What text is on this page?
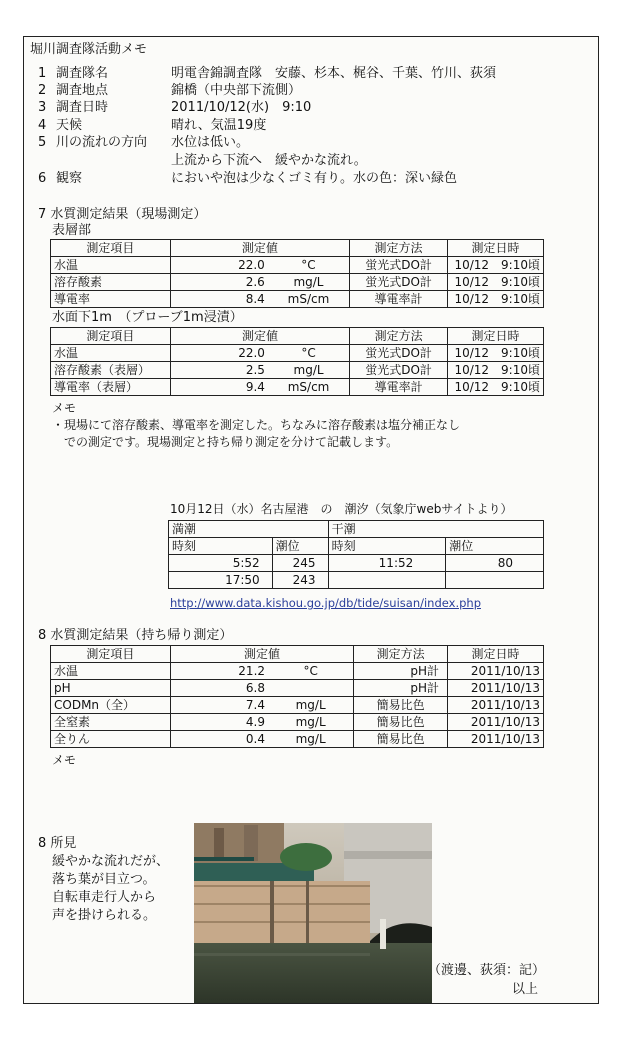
堀川調査隊活動メモ
1 調査隊名	明電舎錦調査隊　安藤、杉本、梶谷、千葉、竹川、荻須
2 調査地点	錦橋（中央部下流側）
3 調査日時	2011/10/12(水)　9:10
4 天候	晴れ、気温19度
5 川の流れの方向 水位は低い。
上流から下流へ　緩やかな流れ。
6 観察	においや泡は少なくゴミ有り。水の色：深い緑色
7 水質測定結果（現場測定）
表層部
測定項目	測定値		測定方法	測定日時
水温	22.0	°C	蛍光式DO計	10/12　9:10頃
溶存酸素	2.6	mg/L	蛍光式DO計	10/12　9:10頃
導電率	8.4	mS/cm	導電率計	10/12　9:10頃
水面下1m　（プローブ1m浸漬）
測定項目	測定値		測定方法	測定日時
水温	22.0	°C	蛍光式DO計	10/12　9:10頃
溶存酸素（表層）	2.5	mg/L	蛍光式DO計	10/12　9:10頃
導電率（表層）	9.4	mS/cm	導電率計	10/12　9:10頃
メモ
・現場にて溶存酸素、導電率を測定した。ちなみに溶存酸素は塩分補正なし
での測定です。現場測定と持ち帰り測定を分けて記載します。
10月12日（水）名古屋港　の　潮汐（気象庁webサイトより）
満潮		干潮	
時刻	潮位	時刻	潮位
5:52	245	11:52	80
17:50	243		
http://www.data.kishou.go.jp/db/tide/suisan/index.php
8 水質測定結果（持ち帰り測定）
測定項目	測定値		測定方法	測定日時
水温	21.2	°C	pH計	2011/10/13
pH	6.8		pH計	2011/10/13
CODMn（全）	7.4	mg/L	簡易比色	2011/10/13
全窒素	4.9	mg/L	簡易比色	2011/10/13
全りん	0.4	mg/L	簡易比色	2011/10/13
メモ
8 所見
緩やかな流れだが、
落ち葉が目立つ。
自転車走行人から
声を掛けられる。
（渡邊、荻須：記）
以上
